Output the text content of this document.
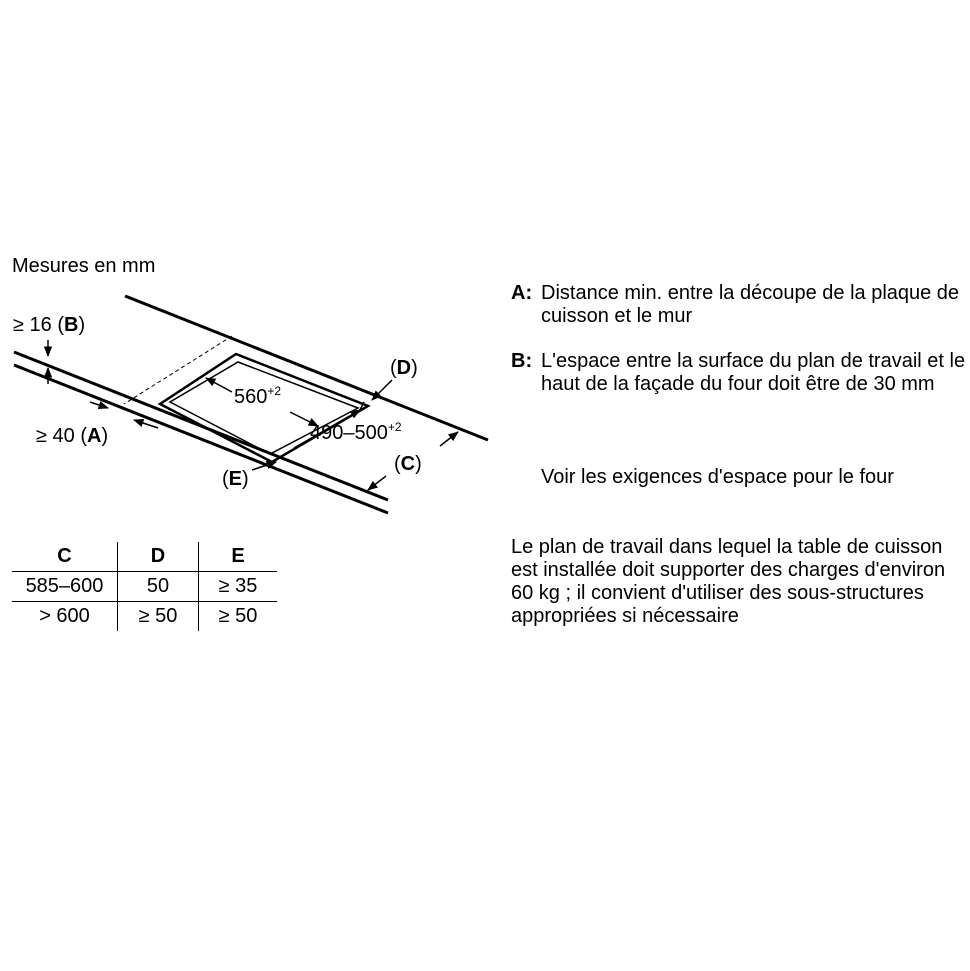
Mesures en mm
≥ 16 (B)
≥ 40 (A)
(D)
(C)
(E)
$560^{+2}$
$490-500^{+2}$
C	D	E
585–600	50	≥ 35
> 600	≥ 50	≥ 50
A: Distance min. entre la découpe de la plaque de cuisson et le mur
B: L'espace entre la surface du plan de travail et le haut de la façade du four doit être de 30 mm
Voir les exigences d'espace pour le four
Le plan de travail dans lequel la table de cuisson est installée doit supporter des charges d'environ 60 kg ; il convient d'utiliser des sous-structures appropriées si nécessaire
